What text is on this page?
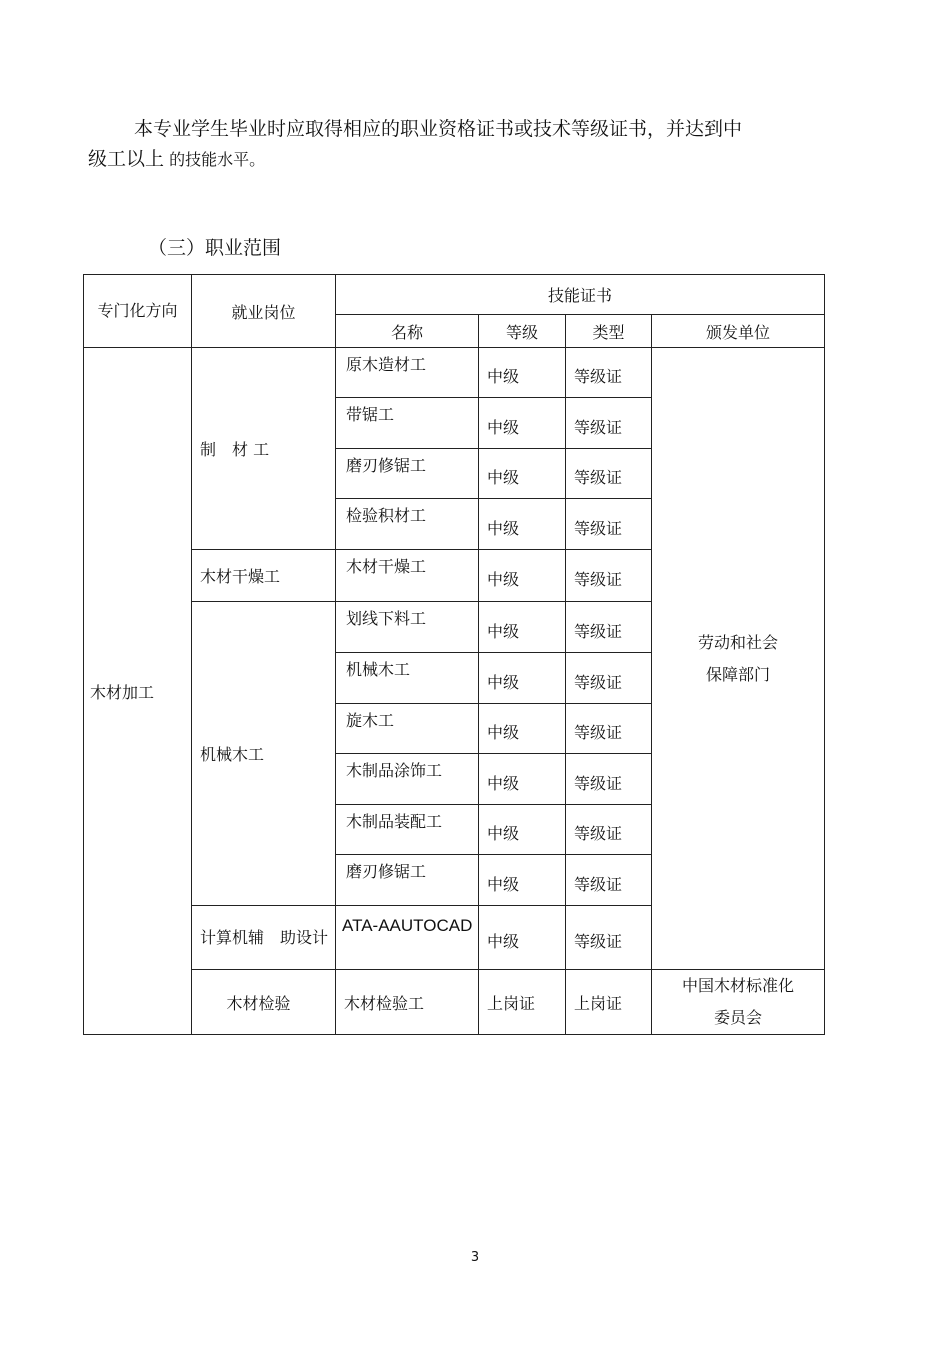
本专业学生毕业时应取得相应的职业资格证书或技术等级证书，并达到中
级工以上 的技能水平。
（三）职业范围
专门化方向	就业岗位	技能证书			
		名称	等级	类型	颁发单位
木材加工	制　材 工	原木造材工	中级	等级证	劳动和社会
保障部门

		带锯工	中级	等级证	
		磨刃修锯工	中级	等级证	
		检验积材工	中级	等级证	
	木材干燥工	木材干燥工	中级	等级证	
	机械木工	划线下料工	中级	等级证	
		机械木工	中级	等级证	
		旋木工	中级	等级证	
		木制品涂饰工	中级	等级证	
		木制品装配工	中级	等级证	
		磨刃修锯工	中级	等级证	
	计算机辅　助设计	ATA-AAUTOCAD	中级	等级证	
	木材检验	木材检验工	上岗证	上岗证	中国木材标准化
委员会
3
